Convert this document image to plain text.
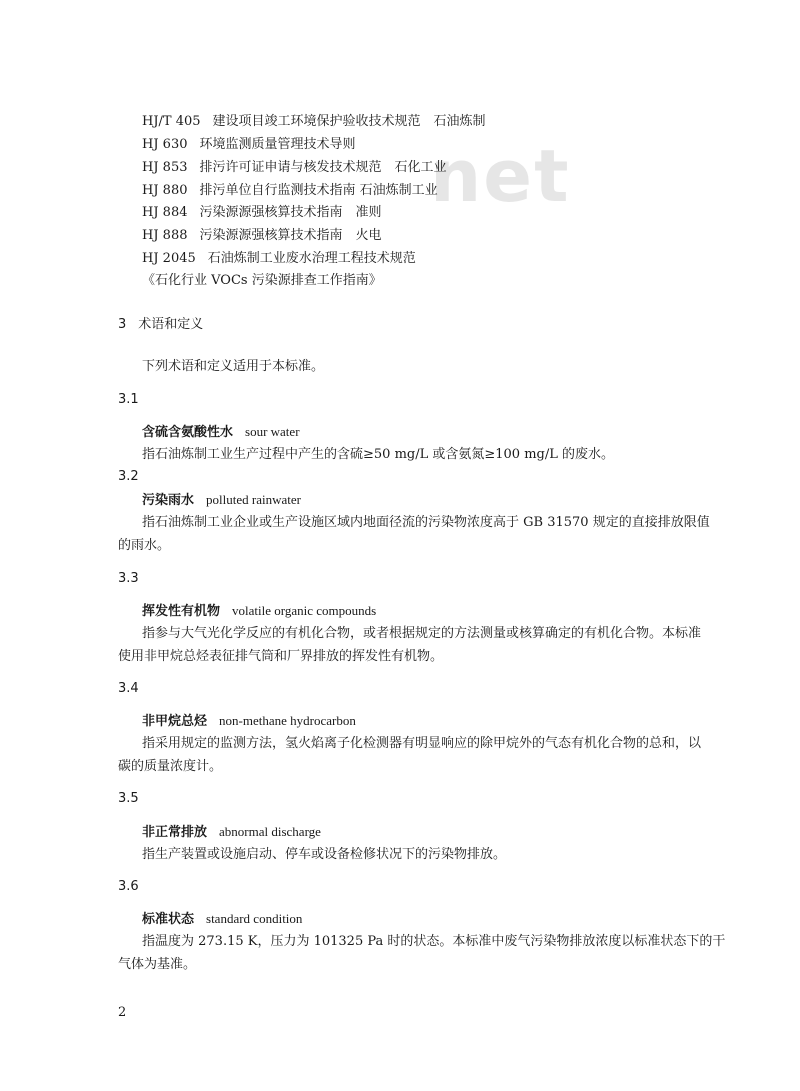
net
HJ/T 405 建设项目竣工环境保护验收技术规范　石油炼制
HJ 630 环境监测质量管理技术导则
HJ 853 排污许可证申请与核发技术规范　石化工业
HJ 880 排污单位自行监测技术指南 石油炼制工业
HJ 884 污染源源强核算技术指南　准则
HJ 888 污染源源强核算技术指南　火电
HJ 2045 石油炼制工业废水治理工程技术规范
《石化行业 VOCs 污染源排查工作指南》
3 术语和定义
下列术语和定义适用于本标准。
3.1
含硫含氨酸性水 sour water
指石油炼制工业生产过程中产生的含硫≥50 mg/L 或含氨氮≥100 mg/L 的废水。
3.2
污染雨水 polluted rainwater
指石油炼制工业企业或生产设施区域内地面径流的污染物浓度高于 GB 31570 规定的直接排放限值
的雨水。
3.3
挥发性有机物 volatile organic compounds
指参与大气光化学反应的有机化合物，或者根据规定的方法测量或核算确定的有机化合物。本标准
使用非甲烷总烃表征排气筒和厂界排放的挥发性有机物。
3.4
非甲烷总烃 non-methane hydrocarbon
指采用规定的监测方法，氢火焰离子化检测器有明显响应的除甲烷外的气态有机化合物的总和，以
碳的质量浓度计。
3.5
非正常排放 abnormal discharge
指生产装置或设施启动、停车或设备检修状况下的污染物排放。
3.6
标准状态 standard condition
指温度为 273.15 K，压力为 101325 Pa 时的状态。本标准中废气污染物排放浓度以标准状态下的干
气体为基准。
2
